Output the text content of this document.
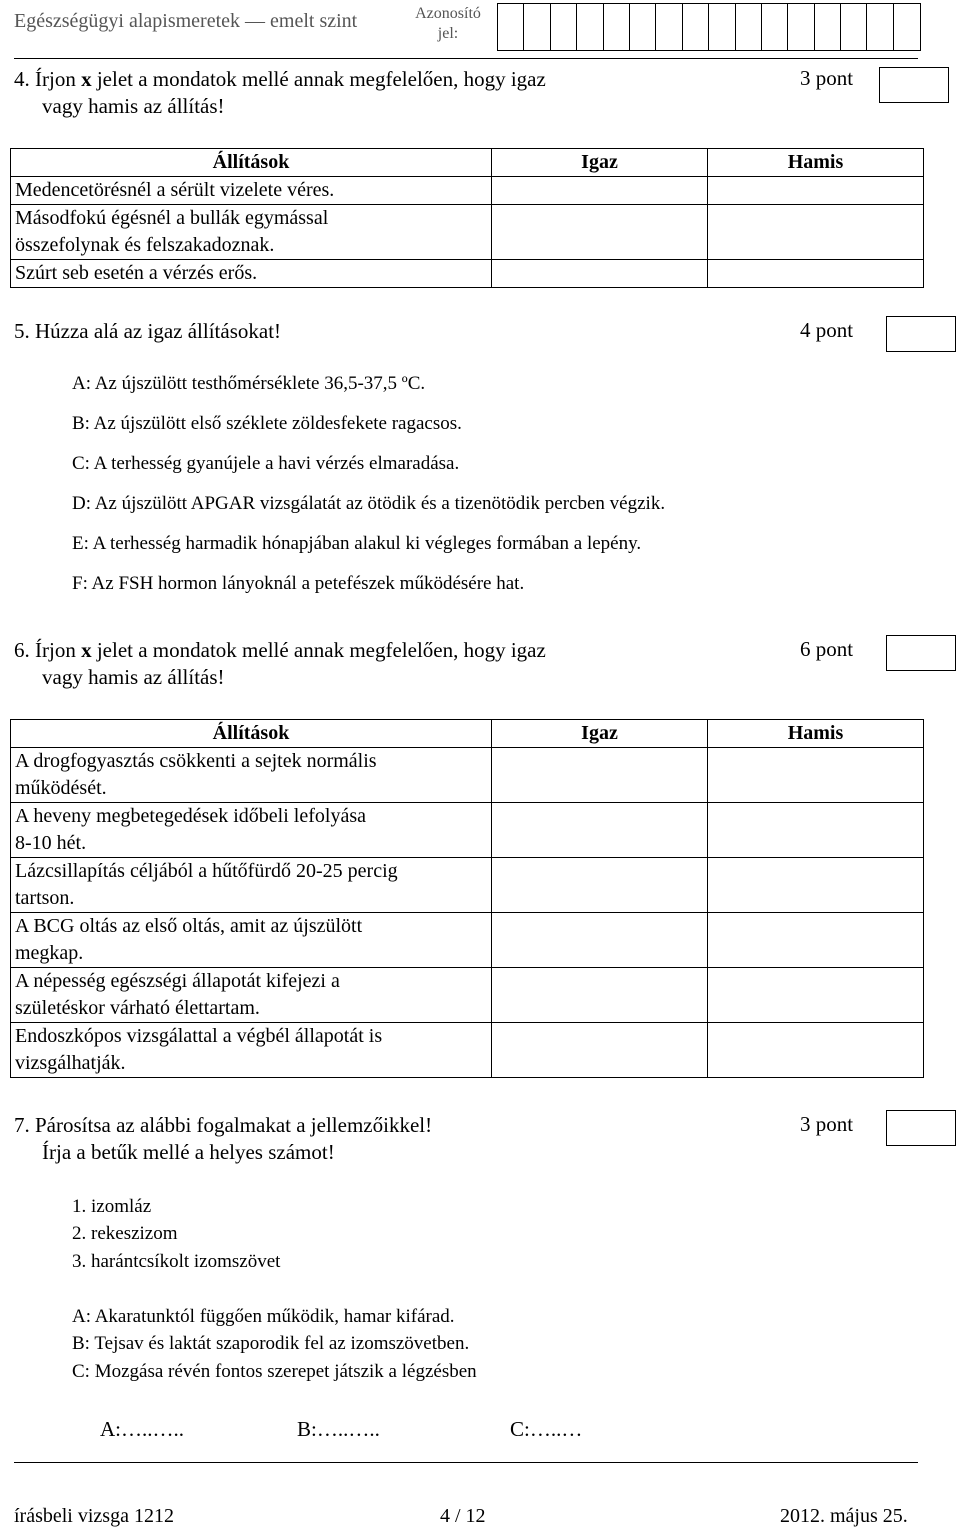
Egészségügyi alapismeretek — emelt szint	Azonosító
jel:
4. Írjon x jelet a mondatok mellé annak megfelelően, hogy igaz
vagy hamis az állítás!
3 pont
Állítások	Igaz	Hamis
Medencetörésnél a sérült vizelete véres.		

Másodfokú égésnél a bullák egymással
összefolynak és felszakadoznak.		

Szúrt seb esetén a vérzés erős.		
5. Húzza alá az igaz állításokat!	4 pont
A: Az újszülött testhőmérséklete 36,5-37,5 ºC.
B: Az újszülött első széklete zöldesfekete ragacsos.
C: A terhesség gyanújele a havi vérzés elmaradása.
D: Az újszülött APGAR vizsgálatát az ötödik és a tizenötödik percben végzik.
E: A terhesség harmadik hónapjában alakul ki végleges formában a lepény.
F: Az FSH hormon lányoknál a petefészek működésére hat.
6. Írjon x jelet a mondatok mellé annak megfelelően, hogy igaz
vagy hamis az állítás!
6 pont
Állítások	Igaz	Hamis

A drogfogyasztás csökkenti a sejtek normális
működését.		

A heveny megbetegedések időbeli lefolyása
8-10 hét.		

Lázcsillapítás céljából a hűtőfürdő 20-25 percig
tartson.		

A BCG oltás az első oltás, amit az újszülött
megkap.		

A népesség egészségi állapotát kifejezi a
születéskor várható élettartam.		

Endoszkópos vizsgálattal a végbél állapotát is
vizsgálhatják.		

7. Párosítsa az alábbi fogalmakat a jellemzőikkel!
Írja a betűk mellé a helyes számot!
3 pont
1. izomláz
2. rekeszizom
3. harántcsíkolt izomszövet
A: Akaratunktól függően működik, hamar kifárad.
B: Tejsav és laktát szaporodik fel az izomszövetben.
C: Mozgása révén fontos szerepet játszik a légzésben
A:…..…..	B:…..…..	C:…..…
írásbeli vizsga 1212	4 / 12	2012. május 25.
